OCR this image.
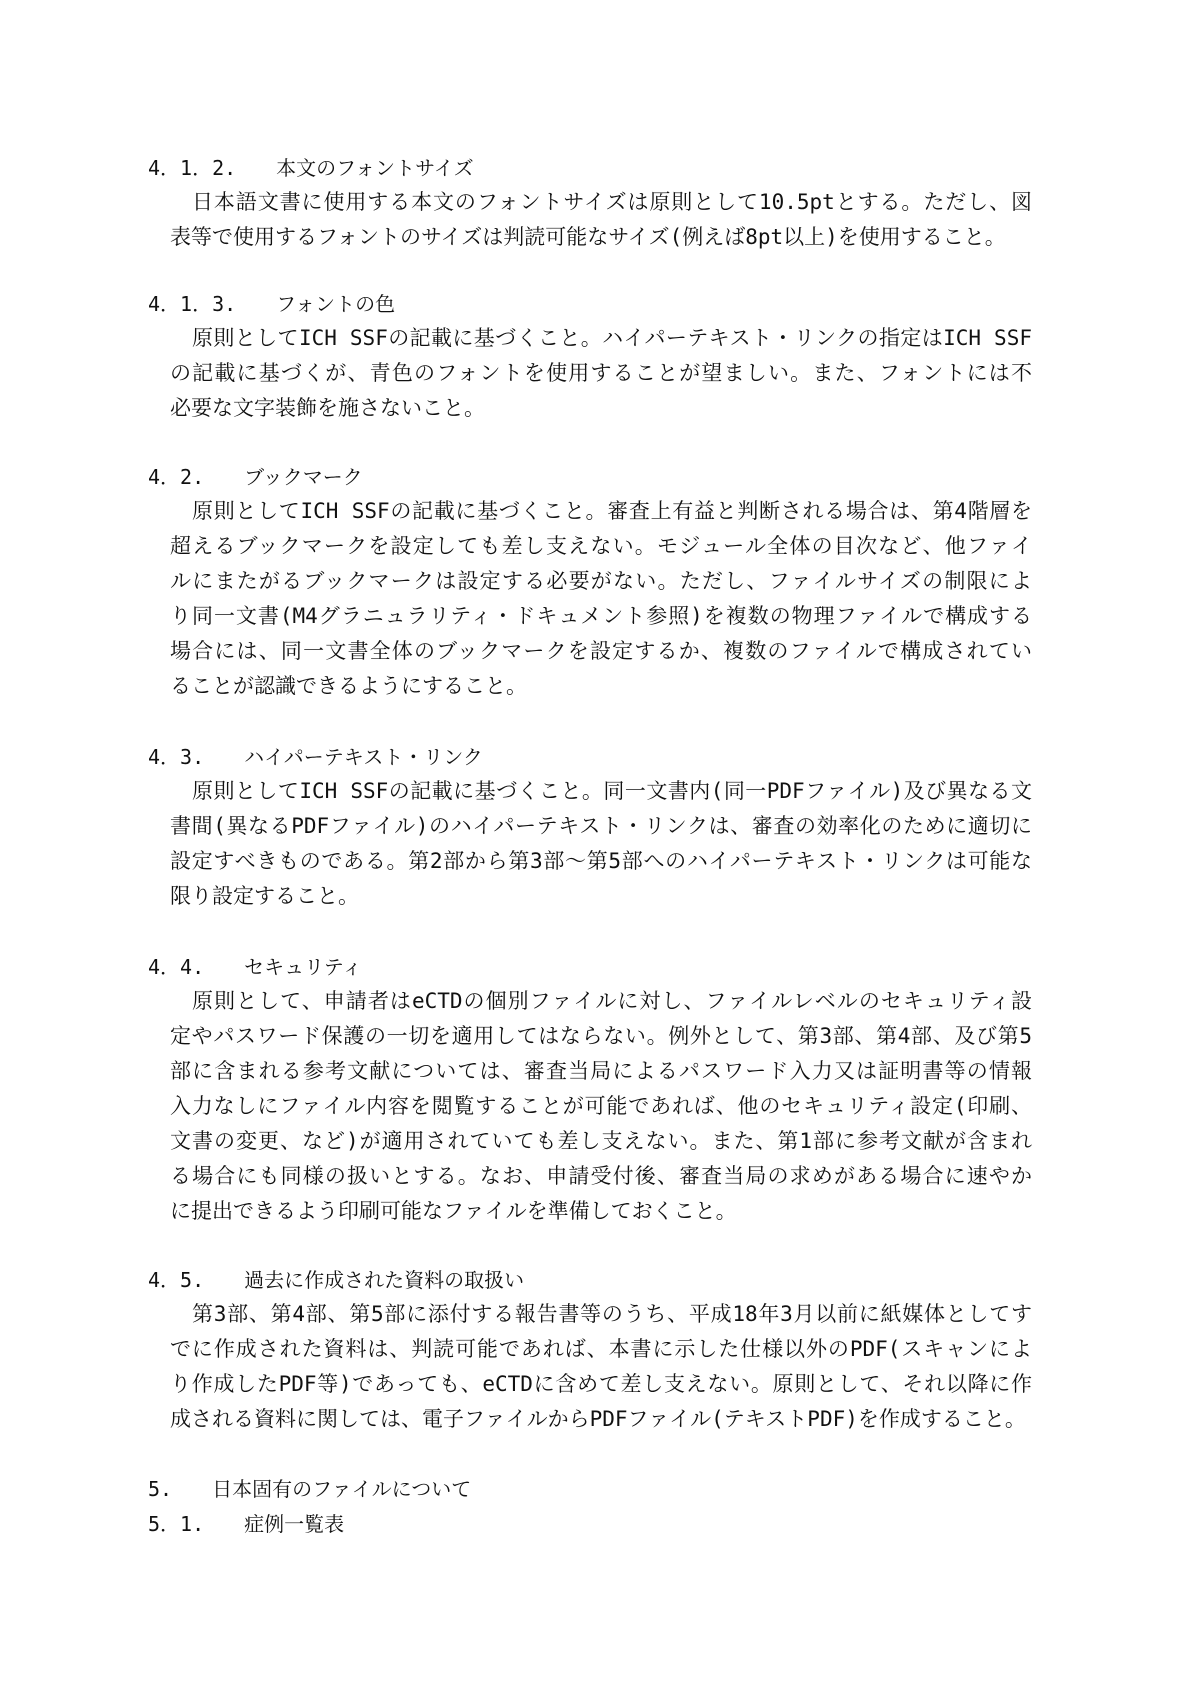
4．1．2.　　本文のフォントサイズ
日本語文書に使用する本文のフォントサイズは原則として10.5ptとする。ただし、図
表等で使用するフォントのサイズは判読可能なサイズ(例えば8pt以上)を使用すること。
4．1．3.　　フォントの色
原則としてICH SSFの記載に基づくこと。ハイパーテキスト・リンクの指定はICH SSF
の記載に基づくが、青色のフォントを使用することが望ましい。また、フォントには不
必要な文字装飾を施さないこと。
4．2.　　ブックマーク
原則としてICH SSFの記載に基づくこと。審査上有益と判断される場合は、第4階層を
超えるブックマークを設定しても差し支えない。モジュール全体の目次など、他ファイ
ルにまたがるブックマークは設定する必要がない。ただし、ファイルサイズの制限によ
り同一文書(M4グラニュラリティ・ドキュメント参照)を複数の物理ファイルで構成する
場合には、同一文書全体のブックマークを設定するか、複数のファイルで構成されてい
ることが認識できるようにすること。
4．3.　　ハイパーテキスト・リンク
原則としてICH SSFの記載に基づくこと。同一文書内(同一PDFファイル)及び異なる文
書間(異なるPDFファイル)のハイパーテキスト・リンクは、審査の効率化のために適切に
設定すべきものである。第2部から第3部〜第5部へのハイパーテキスト・リンクは可能な
限り設定すること。
4．4.　　セキュリティ
原則として、申請者はeCTDの個別ファイルに対し、ファイルレベルのセキュリティ設
定やパスワード保護の一切を適用してはならない。例外として、第3部、第4部、及び第5
部に含まれる参考文献については、審査当局によるパスワード入力又は証明書等の情報
入力なしにファイル内容を閲覧することが可能であれば、他のセキュリティ設定(印刷、
文書の変更、など)が適用されていても差し支えない。また、第1部に参考文献が含まれ
る場合にも同様の扱いとする。なお、申請受付後、審査当局の求めがある場合に速やか
に提出できるよう印刷可能なファイルを準備しておくこと。
4．5.　　過去に作成された資料の取扱い
第3部、第4部、第5部に添付する報告書等のうち、平成18年3月以前に紙媒体としてす
でに作成された資料は、判読可能であれば、本書に示した仕様以外のPDF(スキャンによ
り作成したPDF等)であっても、eCTDに含めて差し支えない。原則として、それ以降に作
成される資料に関しては、電子ファイルからPDFファイル(テキストPDF)を作成すること。
5.　　日本固有のファイルについて
5．1.　　症例一覧表
